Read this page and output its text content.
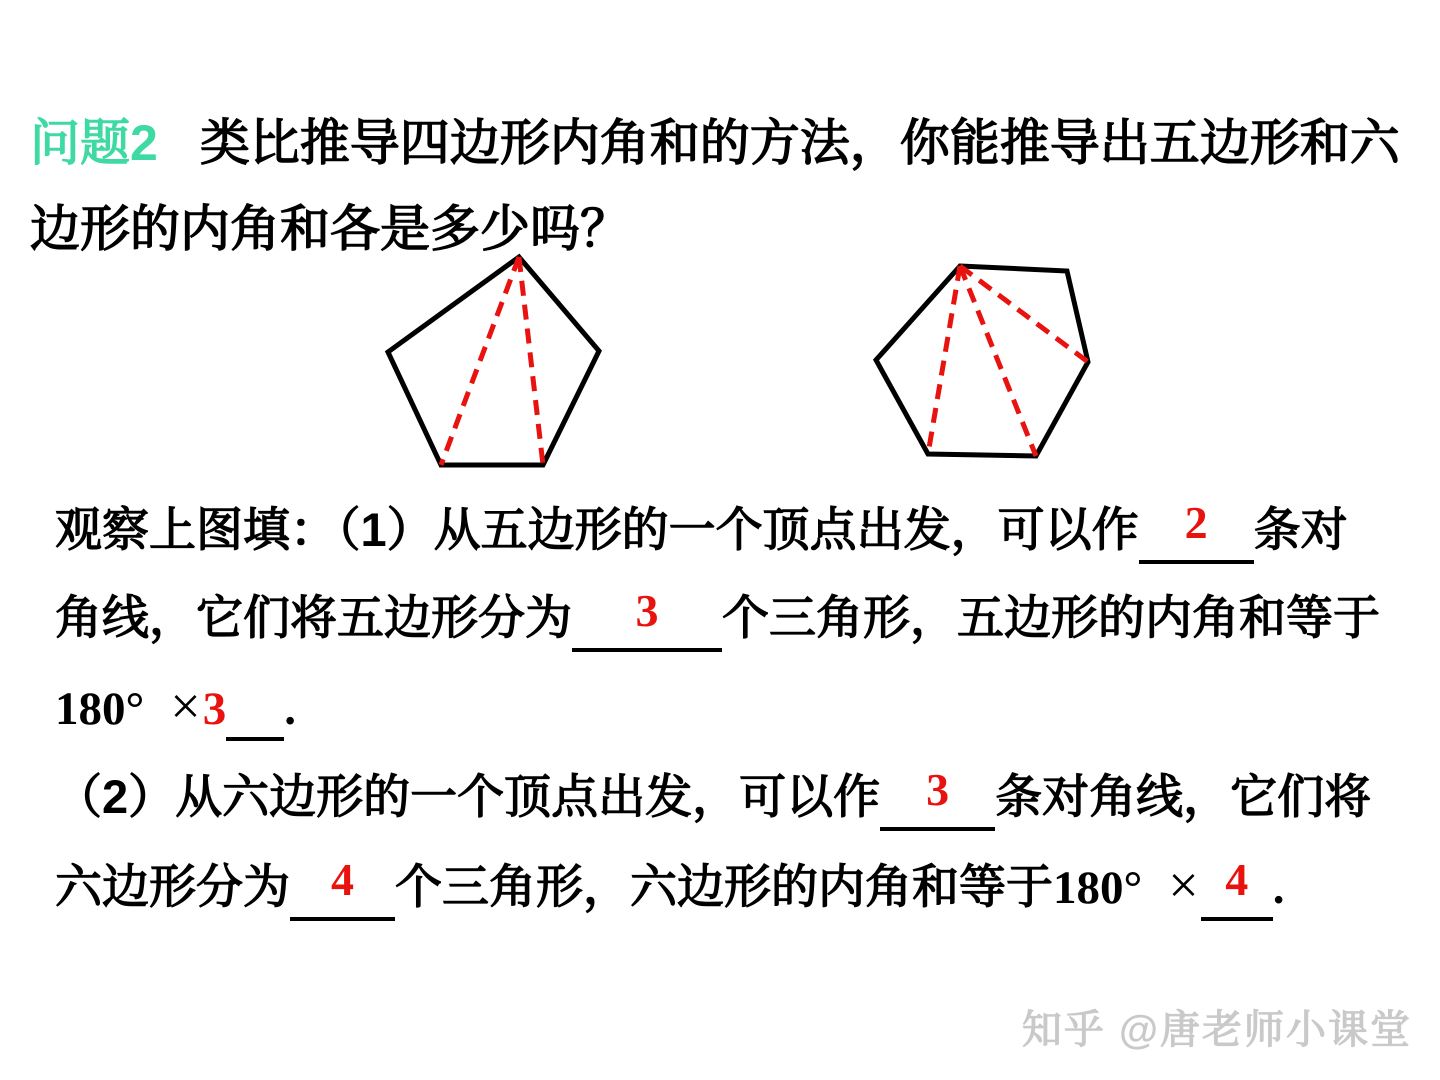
问题2 类比推导四边形内角和的方法，你能推导出五边形和六
边形的内角和各是多少吗？
观察上图填：（1）从五边形的一个顶点出发，可以作 2 条对
角线，它们将五边形分为 3 个三角形，五边形的内角和等于
180° ×3 .
（2）从六边形的一个顶点出发，可以作 3 条对角线，它们将
六边形分为 4 个三角形，六边形的内角和等于180° × 4 .
知乎 @唐老师小课堂
